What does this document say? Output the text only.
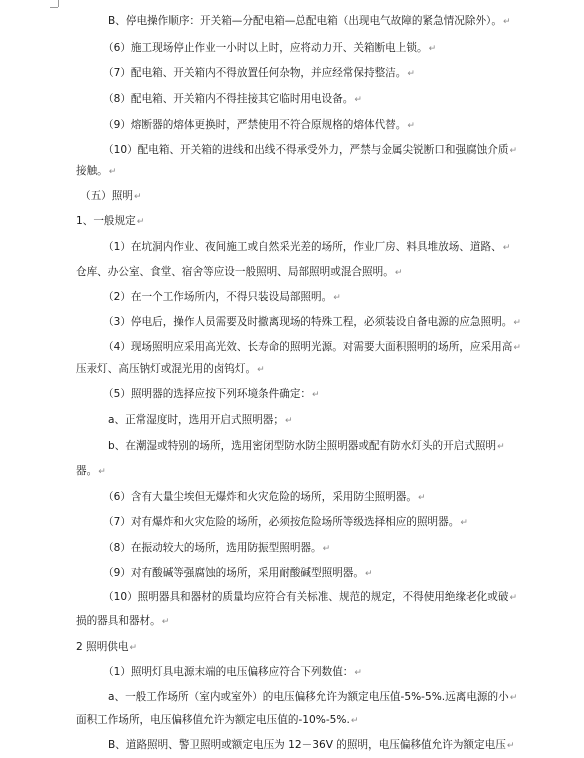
B、停电操作顺序：开关箱—分配电箱—总配电箱（出现电气故障的紧急情况除外）。↵
（6）施工现场停止作业一小时以上时，应将动力开、关箱断电上锁。↵
（7）配电箱、开关箱内不得放置任何杂物，并应经常保持整洁。↵
（8）配电箱、开关箱内不得挂接其它临时用电设备。↵
（9）熔断器的熔体更换时，严禁使用不符合原规格的熔体代替。↵
（10）配电箱、开关箱的进线和出线不得承受外力，严禁与金属尖锐断口和强腐蚀介质↵
接触。↵
（五）照明↵
1、一般规定↵
（1）在坑洞内作业、夜间施工或自然采光差的场所，作业厂房、料具堆放场、道路、↵
仓库、办公室、食堂、宿舍等应设一般照明、局部照明或混合照明。↵
（2）在一个工作场所内，不得只装设局部照明。↵
（3）停电后，操作人员需要及时撤离现场的特殊工程，必须装设自备电源的应急照明。↵
（4）现场照明应采用高光效、长寿命的照明光源。对需要大面积照明的场所，应采用高↵
压汞灯、高压钠灯或混光用的卤钨灯。↵
（5）照明器的选择应按下列环境条件确定：↵
a、正常湿度时，选用开启式照明器；↵
b、在潮湿或特别的场所，选用密闭型防水防尘照明器或配有防水灯头的开启式照明↵
器。↵
（6）含有大量尘埃但无爆炸和火灾危险的场所，采用防尘照明器。↵
（7）对有爆炸和火灾危险的场所，必须按危险场所等级选择相应的照明器。↵
（8）在振动较大的场所，选用防振型照明器。↵
（9）对有酸碱等强腐蚀的场所，采用耐酸碱型照明器。↵
（10）照明器具和器材的质量均应符合有关标准、规范的规定，不得使用绝缘老化或破↵
损的器具和器材。↵
2 照明供电↵
（1）照明灯具电源末端的电压偏移应符合下列数值：↵
a、一般工作场所（室内或室外）的电压偏移允许为额定电压值-5%-5%.远离电源的小↵
面积工作场所，电压偏移值允许为额定电压值的-10%-5%.↵
B、道路照明、警卫照明或额定电压为 12－36V 的照明，电压偏移值允许为额定电压↵
